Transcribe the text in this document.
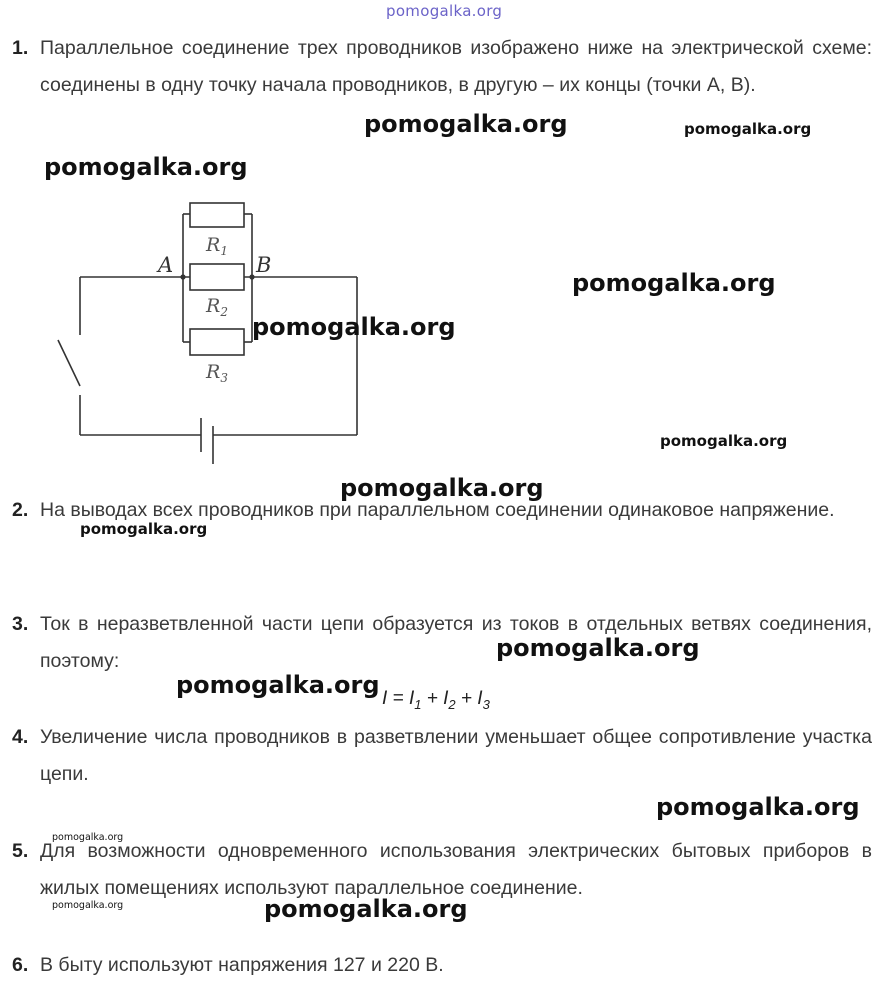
pomogalka.org
1. Параллельное соединение трех проводников изображено ниже на электрической схеме: соединены в одну точку начала проводников, в другую – их концы (точки А, В).
A	B
$R_1$
$R_2$
$R_3$
2. На выводах всех проводников при параллельном соединении одинаковое напряжение.
3. Ток в неразветвленной части цепи образуется из токов в отдельных ветвях соединения, поэтому:
$I = I_1 + I_2 + I_3$
4. Увеличение числа проводников в разветвлении уменьшает общее сопротивление участка цепи.
5. Для возможности одновременного использования электрических бытовых приборов в жилых помещениях используют параллельное соединение.
6. В быту используют напряжения 127 и 220 В.
pomogalka.org	pomogalka.org
pomogalka.org
pomogalka.org
pomogalka.org
pomogalka.org
pomogalka.org
pomogalka.org
pomogalka.org
pomogalka.org
pomogalka.org
pomogalka.org
pomogalka.org	pomogalka.org
